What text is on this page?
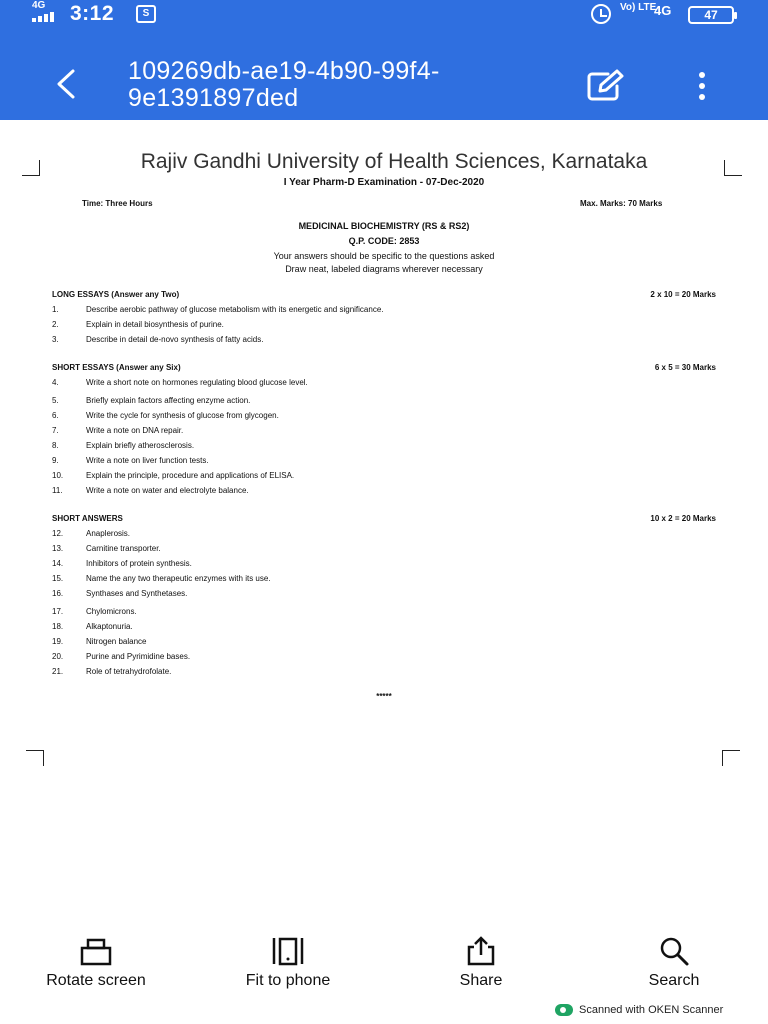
4G 3:12	S
Vo) LTE
4G	47
109269db-ae19-4b90-99f4-9e1391897ded
Rajiv Gandhi University of Health Sciences, Karnataka
I Year Pharm-D Examination - 07-Dec-2020
Time: Three Hours	Max. Marks: 70 Marks
MEDICINAL BIOCHEMISTRY (RS & RS2)
Q.P. CODE: 2853
Your answers should be specific to the questions asked
Draw neat, labeled diagrams wherever necessary
LONG ESSAYS (Answer any Two)	2 x 10 = 20 Marks
1.	Describe aerobic pathway of glucose metabolism with its energetic and significance.
2.	Explain in detail biosynthesis of purine.
3.	Describe in detail de-novo synthesis of fatty acids.
SHORT ESSAYS (Answer any Six)	6 x 5 = 30 Marks
4.	Write a short note on hormones regulating blood glucose level.
5.	Briefly explain factors affecting enzyme action.
6.	Write the cycle for synthesis of glucose from glycogen.
7.	Write a note on DNA repair.
8.	Explain briefly atherosclerosis.
9.	Write a note on liver function tests.
10.	Explain the principle, procedure and applications of ELISA.
11.	Write a note on water and electrolyte balance.
SHORT ANSWERS	10 x 2 = 20 Marks
12.	Anaplerosis.
13.	Carnitine transporter.
14.	Inhibitors of protein synthesis.
15.	Name the any two therapeutic enzymes with its use.
16.	Synthases and Synthetases.
17.	Chylomicrons.
18.	Alkaptonuria.
19.	Nitrogen balance
20.	Purine and Pyrimidine bases.
21.	Role of tetrahydrofolate.
*****
Rotate screen	Fit to phone	Share	Search
Scanned with OKEN Scanner
